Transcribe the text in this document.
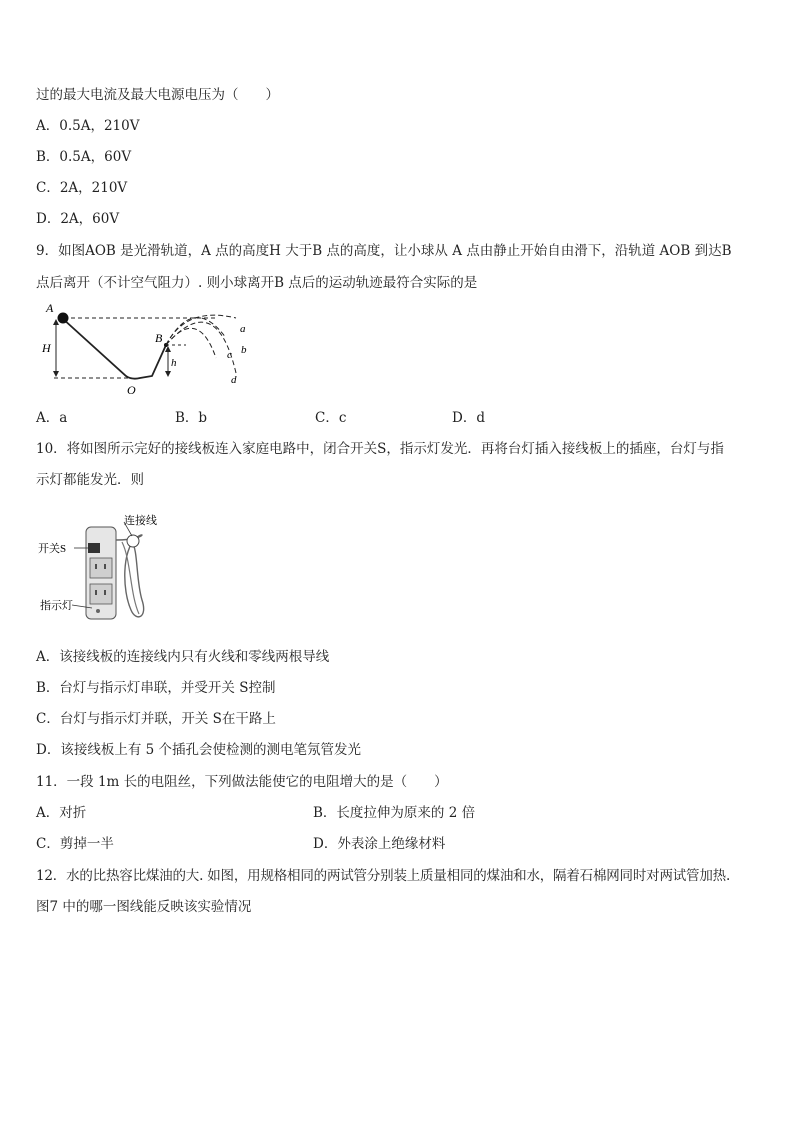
过的最大电流及最大电源电压为（　　）
A．0.5A，210V
B．0.5A，60V
C．2A，210V
D．2A，60V
9．如图AOB 是光滑轨道，A 点的高度H 大于B 点的高度，让小球从 A 点由静止开始自由滑下，沿轨道 AOB 到达B
点后离开（不计空气阻力）. 则小球离开B 点后的运动轨迹最符合实际的是
A
H
B
h
O
a
b
c
d
A．a	B．b	C．c	D．d
10．将如图所示完好的接线板连入家庭电路中，闭合开关S，指示灯发光．再将台灯插入接线板上的插座，台灯与指
示灯都能发光．则
连接线
开关S
指示灯
A．该接线板的连接线内只有火线和零线两根导线
B．台灯与指示灯串联，并受开关 S控制
C．台灯与指示灯并联，开关 S在干路上
D．该接线板上有 5 个插孔会使检测的测电笔氖管发光
11．一段 1m 长的电阻丝，下列做法能使它的电阻增大的是（　　）
A．对折	B．长度拉伸为原来的 2 倍
C．剪掉一半	D．外表涂上绝缘材料
12．水的比热容比煤油的大. 如图，用规格相同的两试管分别装上质量相同的煤油和水，隔着石棉网同时对两试管加热.
图7 中的哪一图线能反映该实验情况
